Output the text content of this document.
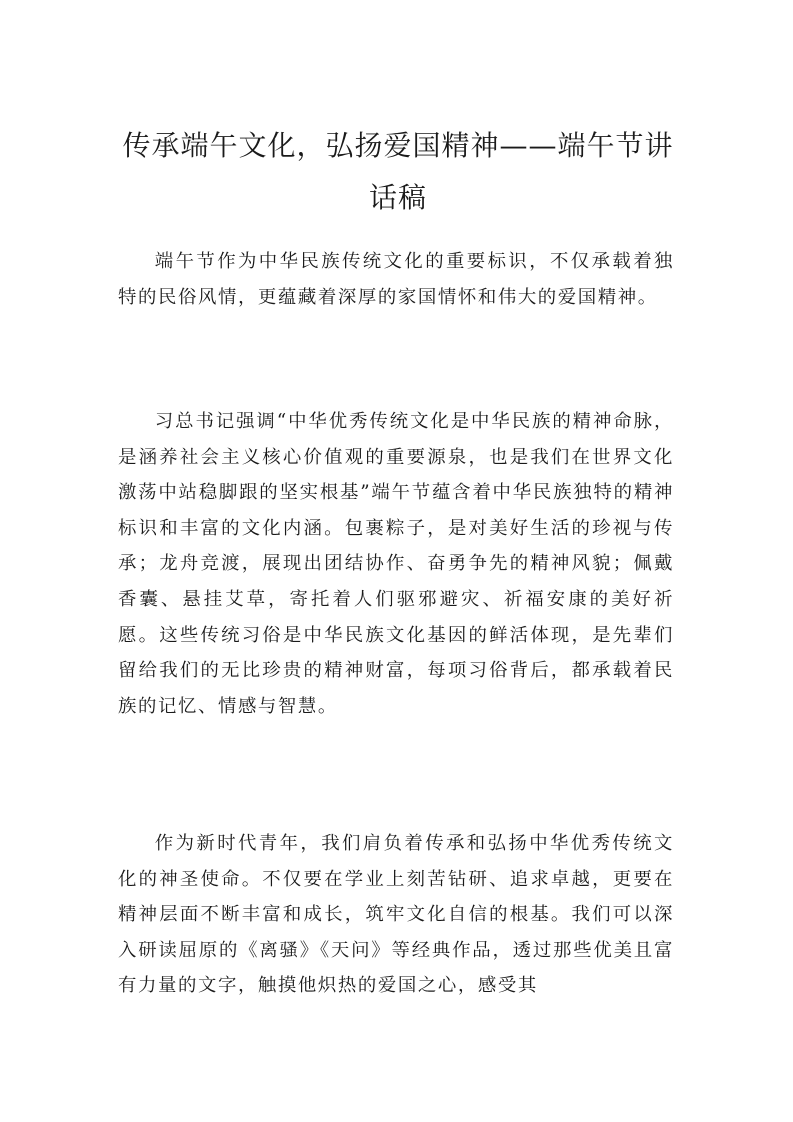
传承端午文化，弘扬爱国精神——端午节讲话稿

端午节作为中华民族传统文化的重要标识，不仅承载着独特的民俗风情，更蕴藏着深厚的家国情怀和伟大的爱国精神。

习总书记强调“中华优秀传统文化是中华民族的精神命脉，是涵养社会主义核心价值观的重要源泉，也是我们在世界文化激荡中站稳脚跟的坚实根基”端午节蕴含着中华民族独特的精神标识和丰富的文化内涵。包裹粽子，是对美好生活的珍视与传承；龙舟竞渡，展现出团结协作、奋勇争先的精神风貌；佩戴香囊、悬挂艾草，寄托着人们驱邪避灾、祈福安康的美好祈愿。这些传统习俗是中华民族文化基因的鲜活体现，是先辈们留给我们的无比珍贵的精神财富，每项习俗背后，都承载着民族的记忆、情感与智慧。

作为新时代青年，我们肩负着传承和弘扬中华优秀传统文化的神圣使命。不仅要在学业上刻苦钻研、追求卓越，更要在精神层面不断丰富和成长，筑牢文化自信的根基。我们可以深入研读屈原的《离骚》《天问》等经典作品，透过那些优美且富有力量的文字，触摸他炽热的爱国之心，感受其
